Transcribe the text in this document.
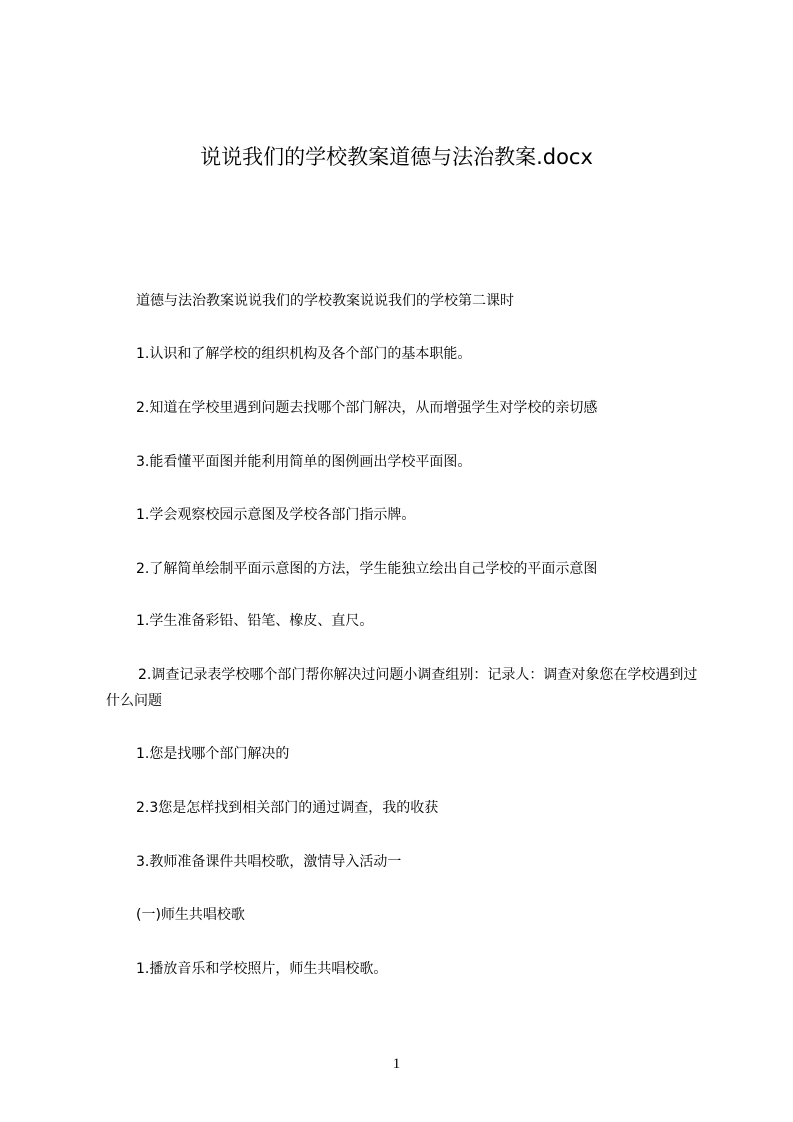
说说我们的学校教案道德与法治教案.docx
道德与法治教案说说我们的学校教案说说我们的学校第二课时
1.认识和了解学校的组织机构及各个部门的基本职能。
2.知道在学校里遇到问题去找哪个部门解决，从而增强学生对学校的亲切感
3.能看懂平面图并能利用简单的图例画出学校平面图。
1.学会观察校园示意图及学校各部门指示牌。
2.了解简单绘制平面示意图的方法，学生能独立绘出自己学校的平面示意图
1.学生准备彩铅、铅笔、橡皮、直尺。
2.调查记录表学校哪个部门帮你解决过问题小调查组别：记录人：调查对象您在学校遇到过什么问题
1.您是找哪个部门解决的
2.3您是怎样找到相关部门的通过调查，我的收获
3.教师准备课件共唱校歌，激情导入活动一
(一)师生共唱校歌
1.播放音乐和学校照片，师生共唱校歌。
1
